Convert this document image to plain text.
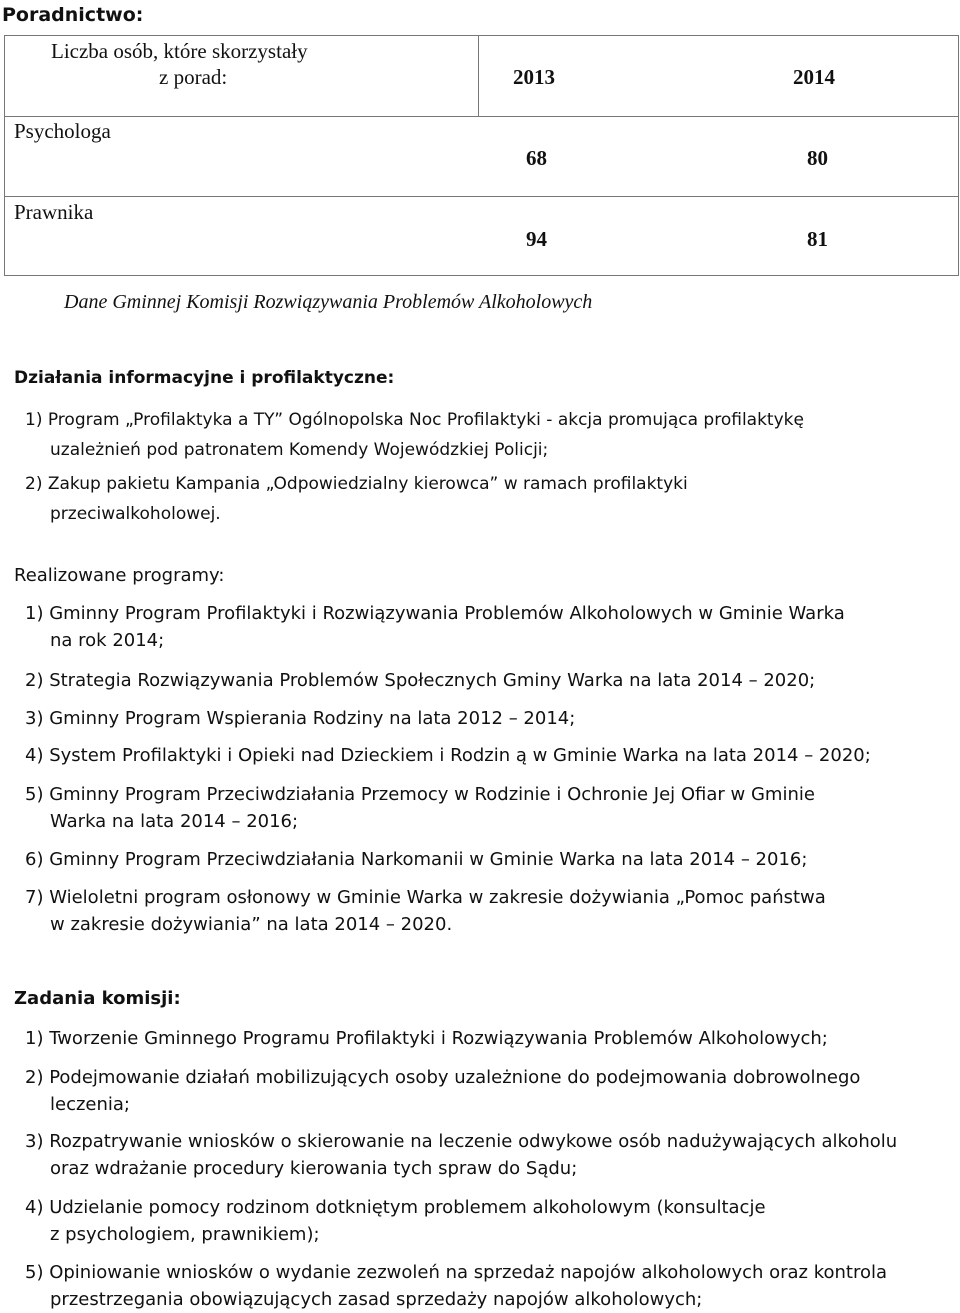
Poradnictwo:
Liczba osób, które skorzystały
z porad:	2013	2014
Psychologa
68	80
Prawnika
94	81
Dane Gminnej Komisji Rozwiązywania Problemów Alkoholowych
Działania informacyjne i profilaktyczne:
1) Program „Profilaktyka a TY” Ogólnopolska Noc Profilaktyki - akcja promująca profilaktykę
uzależnień pod patronatem Komendy Wojewódzkiej Policji;
2) Zakup pakietu Kampania „Odpowiedzialny kierowca” w ramach profilaktyki
przeciwalkoholowej.
Realizowane programy:
1) Gminny Program Profilaktyki i Rozwiązywania Problemów Alkoholowych w Gminie Warka
na rok 2014;
2) Strategia Rozwiązywania Problemów Społecznych Gminy Warka na lata 2014 – 2020;
3) Gminny Program Wspierania Rodziny na lata 2012 – 2014;
4) System Profilaktyki i Opieki nad Dzieckiem i Rodzin ą w Gminie Warka na lata 2014 – 2020;
5) Gminny Program Przeciwdziałania Przemocy w Rodzinie i Ochronie Jej Ofiar w Gminie
Warka na lata 2014 – 2016;
6) Gminny Program Przeciwdziałania Narkomanii w Gminie Warka na lata 2014 – 2016;
7) Wieloletni program osłonowy w Gminie Warka w zakresie dożywiania „Pomoc państwa
w zakresie dożywiania” na lata 2014 – 2020.
Zadania komisji:
1) Tworzenie Gminnego Programu Profilaktyki i Rozwiązywania Problemów Alkoholowych;
2) Podejmowanie działań mobilizujących osoby uzależnione do podejmowania dobrowolnego
leczenia;
3) Rozpatrywanie wniosków o skierowanie na leczenie odwykowe osób nadużywających alkoholu
oraz wdrażanie procedury kierowania tych spraw do Sądu;
4) Udzielanie pomocy rodzinom dotkniętym problemem alkoholowym (konsultacje
z psychologiem, prawnikiem);
5) Opiniowanie wniosków o wydanie zezwoleń na sprzedaż napojów alkoholowych oraz kontrola
przestrzegania obowiązujących zasad sprzedaży napojów alkoholowych;
